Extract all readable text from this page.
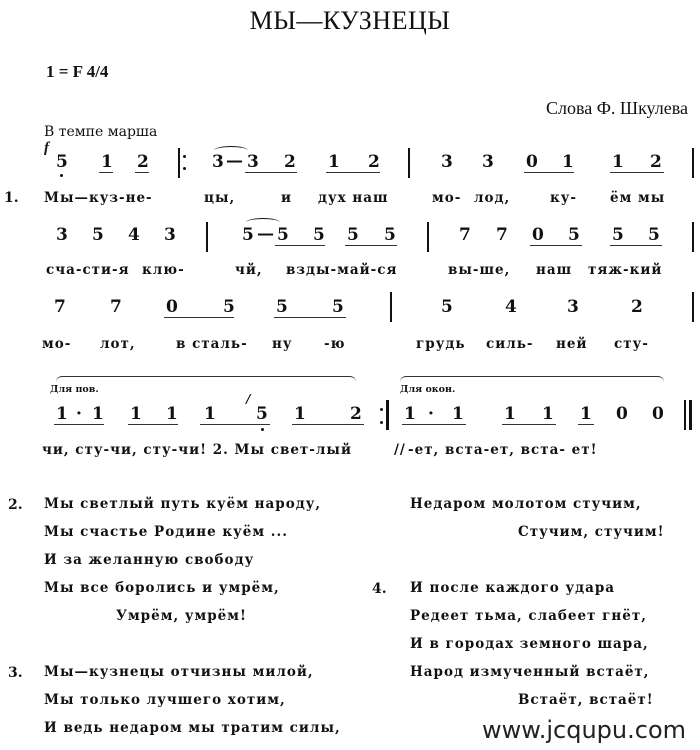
МЫ—КУЗНЕЦЫ
1 = F 4/4
Слова Ф. Шкулева
В темпе марша
f
5 1 2	3 — 3 2 1 2	3 3 0 1 1 2
1. Мы—куз-не-	цы,	и дух наш	мо- лод,	ку- ём мы
3 5 4 3	5 — 5 5 5 5	7 7 0 5 5 5
сча-сти-я клю-	чй, взды-май-ся	вы-ше, наш тяж-кий
7	7	0	5 5	5	5	4	3	2
мо- лот,	в сталь- ну -ю	грудь силь- ней сту-
Для пов.	Для окон.
1 · 1 1 1 1 5
/
1	2 1 · 1 1 1 1 0 0
чи, сту-чи, сту-чи! 2. Мы свет-лый	// -ет, вста-ет, вста- ет!
2. Мы светлый путь куём народу,
Мы счастье Родине куём ...
И за желанную свободу
Мы все боролись и умрём,
Умрём, умрём!
3. Мы—кузнецы отчизны милой,
Мы только лучшего хотим,
И ведь недаром мы тратим силы,
Недаром молотом стучим,
Стучим, стучим!
4. И после каждого удара
Редеет тьма, слабеет гнёт,
И в городах земного шара,
Народ измученный встаёт,
Встаёт, встаёт!
www.jcqupu.com
